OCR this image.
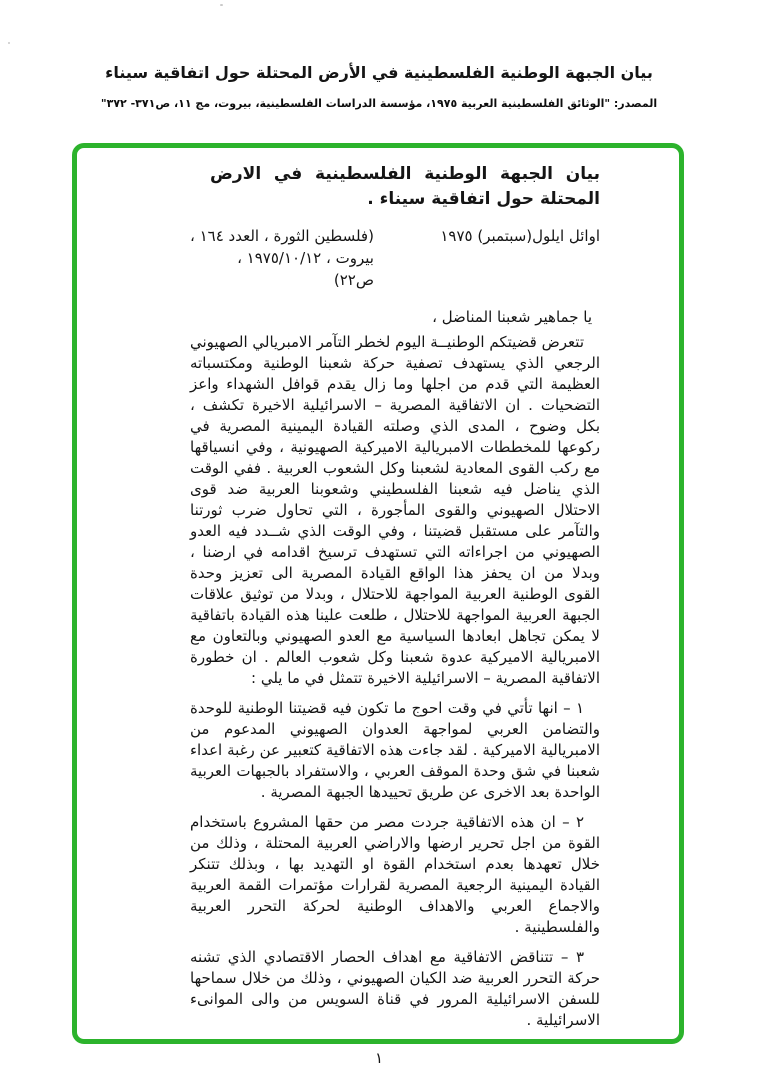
بيان الجبهة الوطنية الفلسطينية في الأرض المحتلة حول اتفاقية سيناء
المصدر: "الوثائق الفلسطينية العربية ١٩٧٥، مؤسسة الدراسات الفلسطينية، بيروت، مج ١١، ص٣٧١- ٣٧٢"
بيان الجبهة الوطنية الفلسطينية في الارض المحتلة حول اتفاقية سيناء .
اوائل ايلول(سبتمبر) ١٩٧٥
(فلسطين الثورة ، العدد ١٦٤ ،
بيروت ، ١٩٧٥/١٠/١٢ ،
ص٢٢)

يا جماهير شعبنا المناضل ،

تتعرض قضيتكم الوطنيــة اليوم لخطر التآمر الامبريالي الصهيوني الرجعي الذي يستهدف تصفية حركة شعبنا الوطنية ومكتسباته العظيمة التي قدم من اجلها وما زال يقدم قوافل الشهداء واعز التضحيات . ان الاتفاقية المصرية – الاسرائيلية الاخيرة تكشف ، بكل وضوح ، المدى الذي وصلته القيادة اليمينية المصرية في ركوعها للمخططات الامبريالية الاميركية الصهيونية ، وفي انسياقها مع ركب القوى المعادية لشعبنا وكل الشعوب العربية . ففي الوقت الذي يناضل فيه شعبنا الفلسطيني وشعوبنا العربية ضد قوى الاحتلال الصهيوني والقوى المأجورة ، التي تحاول ضرب ثورتنا والتآمر على مستقبل قضيتنا ، وفي الوقت الذي شــدد فيه العدو الصهيوني من اجراءاته التي تستهدف ترسيخ اقدامه في ارضنا ، وبدلا من ان يحفز هذا الواقع القيادة المصرية الى تعزيز وحدة القوى الوطنية العربية المواجهة للاحتلال ، وبدلا من توثيق علاقات الجبهة العربية المواجهة للاحتلال ، طلعت علينا هذه القيادة باتفاقية لا يمكن تجاهل ابعادها السياسية مع العدو الصهيوني وبالتعاون مع الامبريالية الاميركية عدوة شعبنا وكل شعوب العالم . ان خطورة الاتفاقية المصرية – الاسرائيلية الاخيرة تتمثل في ما يلي :

١ – انها تأتي في وقت احوج ما تكون فيه قضيتنا الوطنية للوحدة والتضامن العربي لمواجهة العدوان الصهيوني المدعوم من الامبريالية الاميركية . لقد جاءت هذه الاتفاقية كتعبير عن رغبة اعداء شعبنا في شق وحدة الموقف العربي ، والاستفراد بالجبهات العربية الواحدة بعد الاخرى عن طريق تحييدها الجبهة المصرية .

٢ – ان هذه الاتفاقية جردت مصر من حقها المشروع باستخدام القوة من اجل تحرير ارضها والاراضي العربية المحتلة ، وذلك من خلال تعهدها بعدم استخدام القوة او التهديد بها ، وبذلك تتنكر القيادة اليمينية الرجعية المصرية لقرارات مؤتمرات القمة العربية والاجماع العربي والاهداف الوطنية لحركة التحرر العربية والفلسطينية .

٣ – تتناقض الاتفاقية مع اهداف الحصار الاقتصادي الذي تشنه حركة التحرر العربية ضد الكيان الصهيوني ، وذلك من خلال سماحها للسفن الاسرائيلية المرور في قناة السويس من والى الموانىء الاسرائيلية .

١
